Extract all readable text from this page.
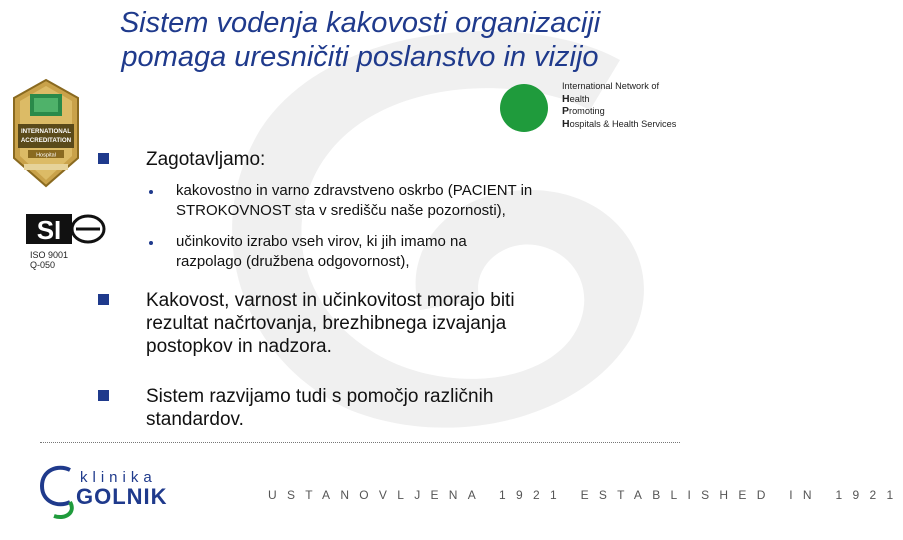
Sistem vodenja kakovosti organizaciji
pomaga uresničiti poslanstvo in vizijo
INTERNATIONAL
ACCREDITATION
Hospital
SI
ISO 9001
Q-050
International Network of
Health
Promoting
Hospitals & Health Services
Zagotavljamo:
kakovostno in varno zdravstveno oskrbo (PACIENT in
STROKOVNOST sta v središču naše pozornosti),
učinkovito izrabo vseh virov, ki jih imamo na
razpolago (družbena odgovornost),
Kakovost, varnost in učinkovitost morajo biti
rezultat načrtovanja, brezhibnega izvajanja
postopkov in nadzora.
Sistem razvijamo tudi s pomočjo različnih
standardov.
klinika
GOLNIK	USTANOVLJENA 1921 ESTABLISHED IN 1921
